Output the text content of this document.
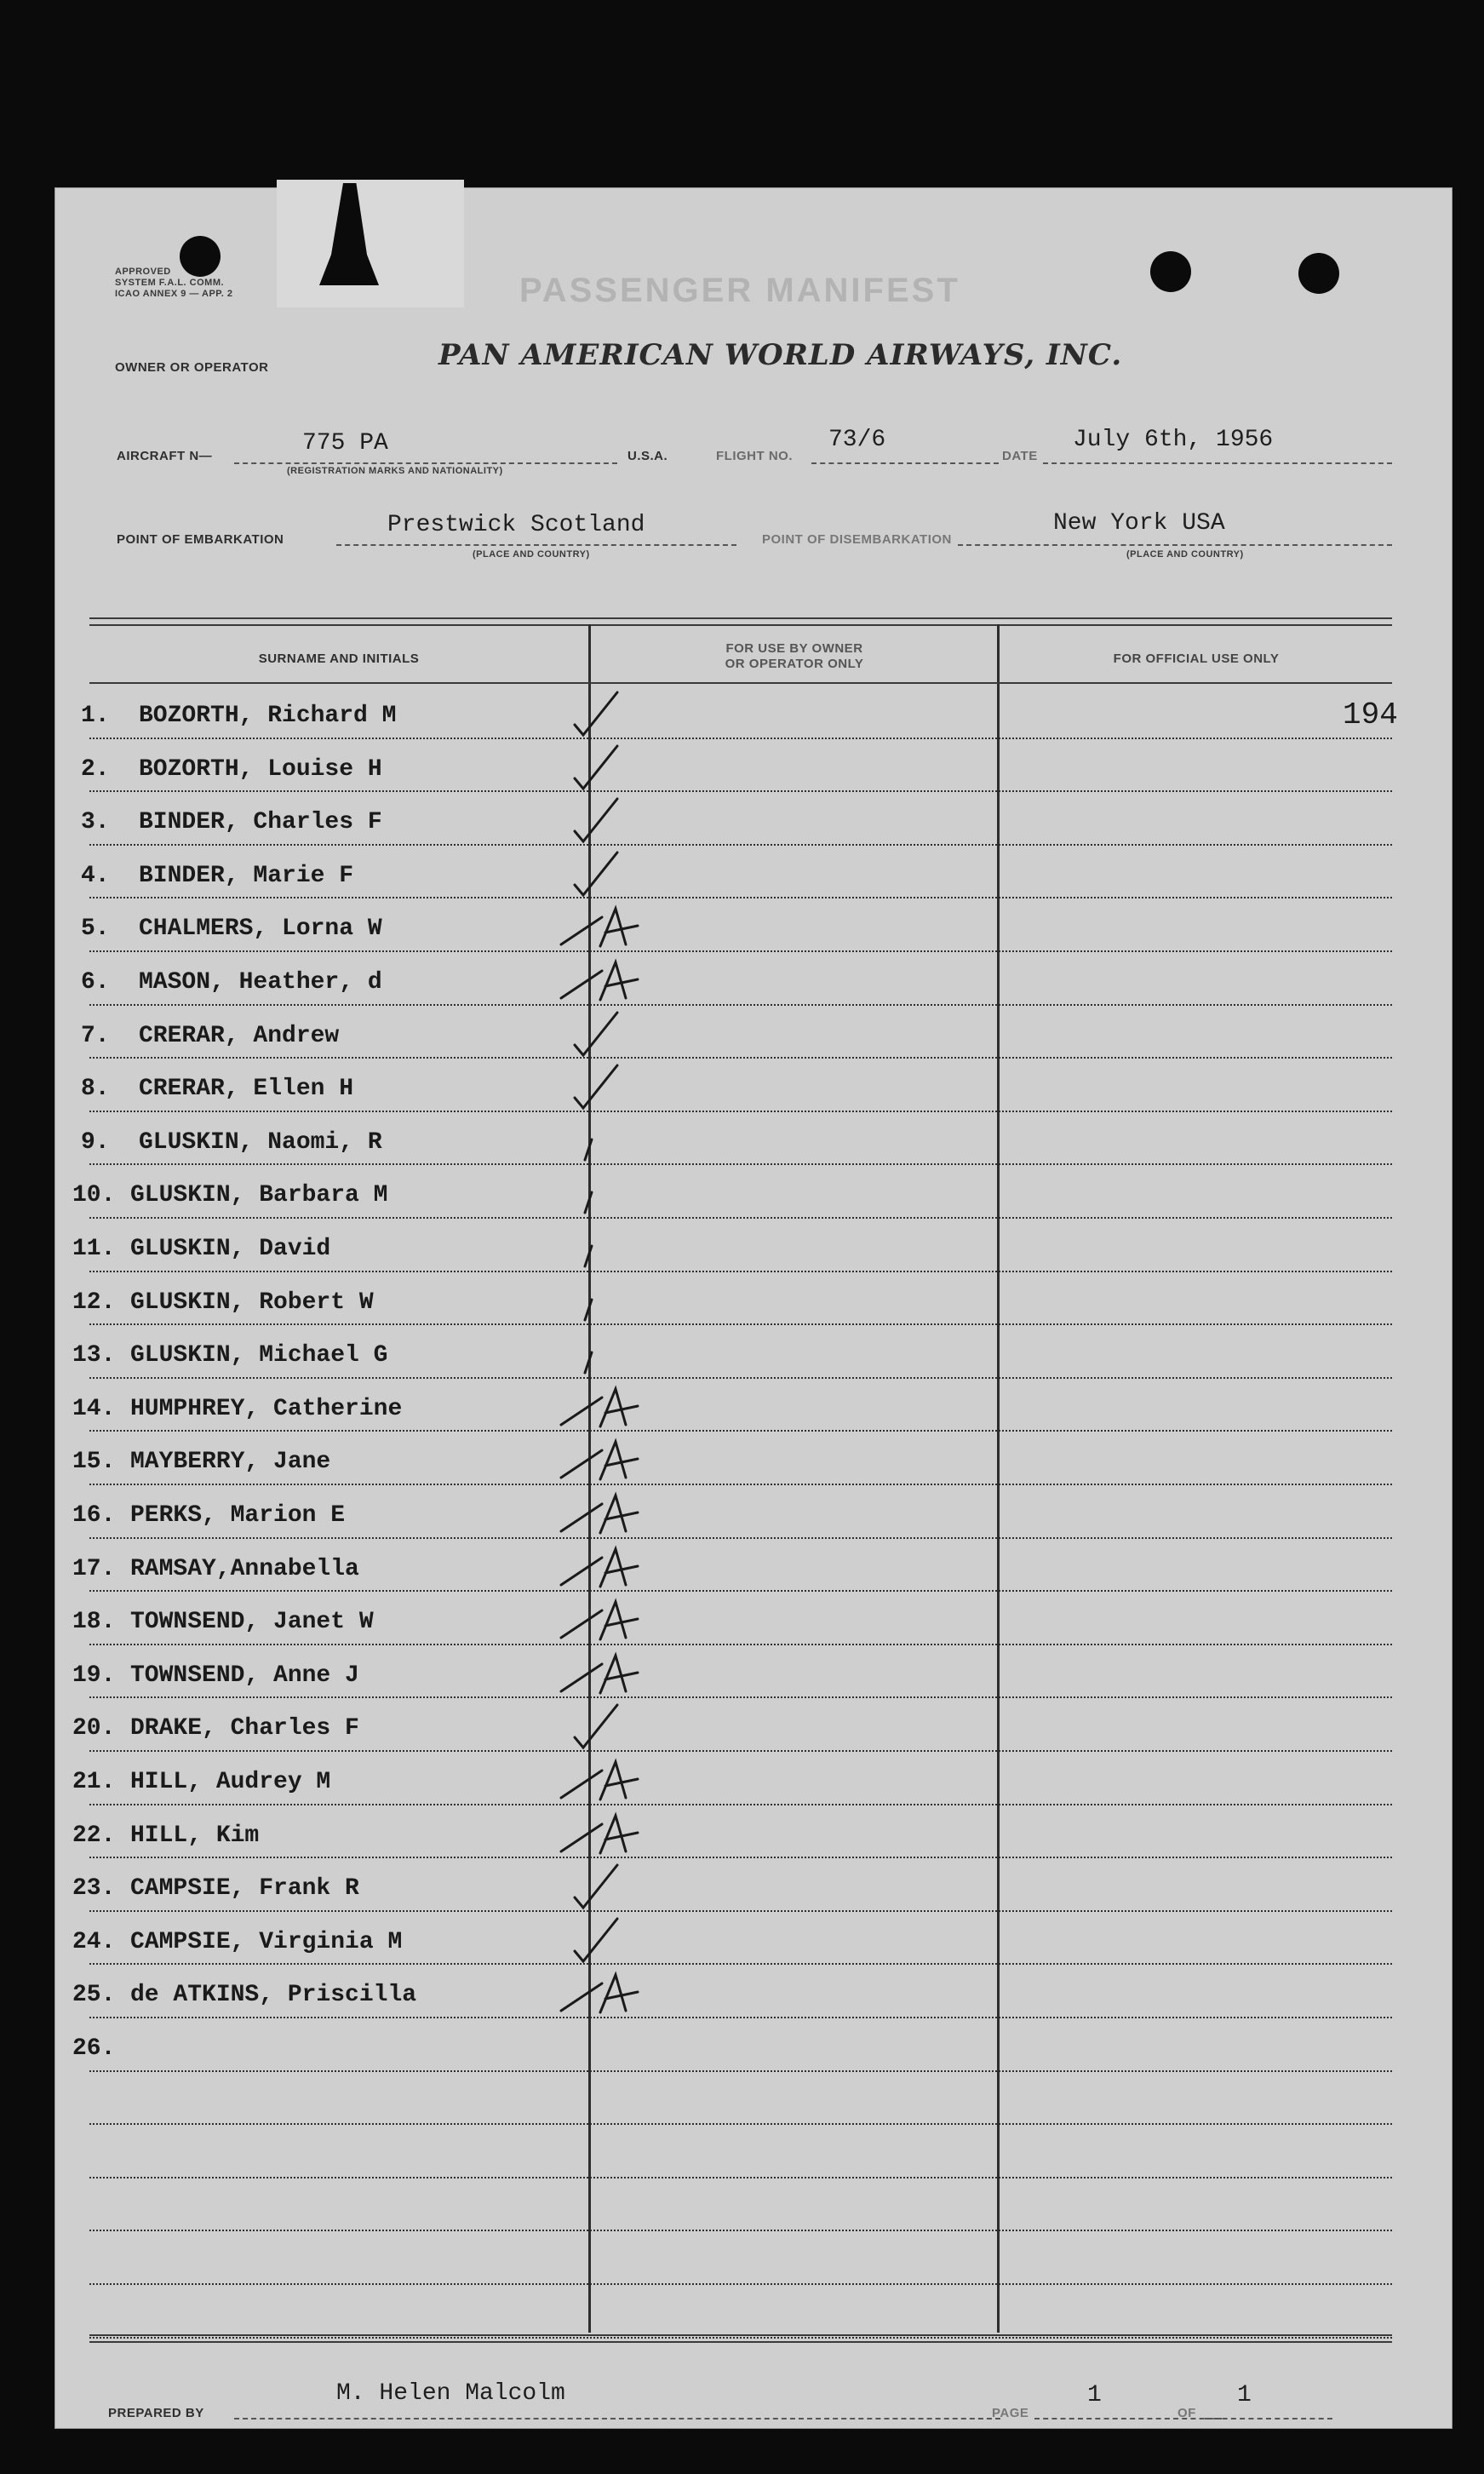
APPROVED
SYSTEM F.A.L. COMM.
ICAO ANNEX 9 — APP. 2	PASSENGER MANIFEST
PAN AMERICAN WORLD AIRWAYS, INC.
OWNER OR OPERATOR
AIRCRAFT N—	775 PA
(REGISTRATION MARKS AND NATIONALITY)
U.S.A.	FLIGHT NO.
73/6
DATE
July 6th, 1956
POINT OF EMBARKATION
Prestwick Scotland
(PLACE AND COUNTRY)
POINT OF DISEMBARKATION
New York USA
(PLACE AND COUNTRY)
SURNAME AND INITIALS
FOR USE BY OWNER
OR OPERATOR ONLY	FOR OFFICIAL USE ONLY
194
1. BOZORTH, Richard M
2. BOZORTH, Louise H
3. BINDER, Charles F
4. BINDER, Marie F
5. CHALMERS, Lorna W
6. MASON, Heather, d
7. CRERAR, Andrew
8. CRERAR, Ellen H
9. GLUSKIN, Naomi, R
10. GLUSKIN, Barbara M
11. GLUSKIN, David
12. GLUSKIN, Robert W
13. GLUSKIN, Michael G
14. HUMPHREY, Catherine
15. MAYBERRY, Jane
16. PERKS, Marion E
17. RAMSAY,Annabella
18. TOWNSEND, Janet W
19. TOWNSEND, Anne J
20. DRAKE, Charles F
21. HILL, Audrey M
22. HILL, Kim
23. CAMPSIE, Frank R
24. CAMPSIE, Virginia M
25. de ATKINS, Priscilla
26.
PREPARED BY
M. Helen Malcolm
PAGE
1
OF
1
